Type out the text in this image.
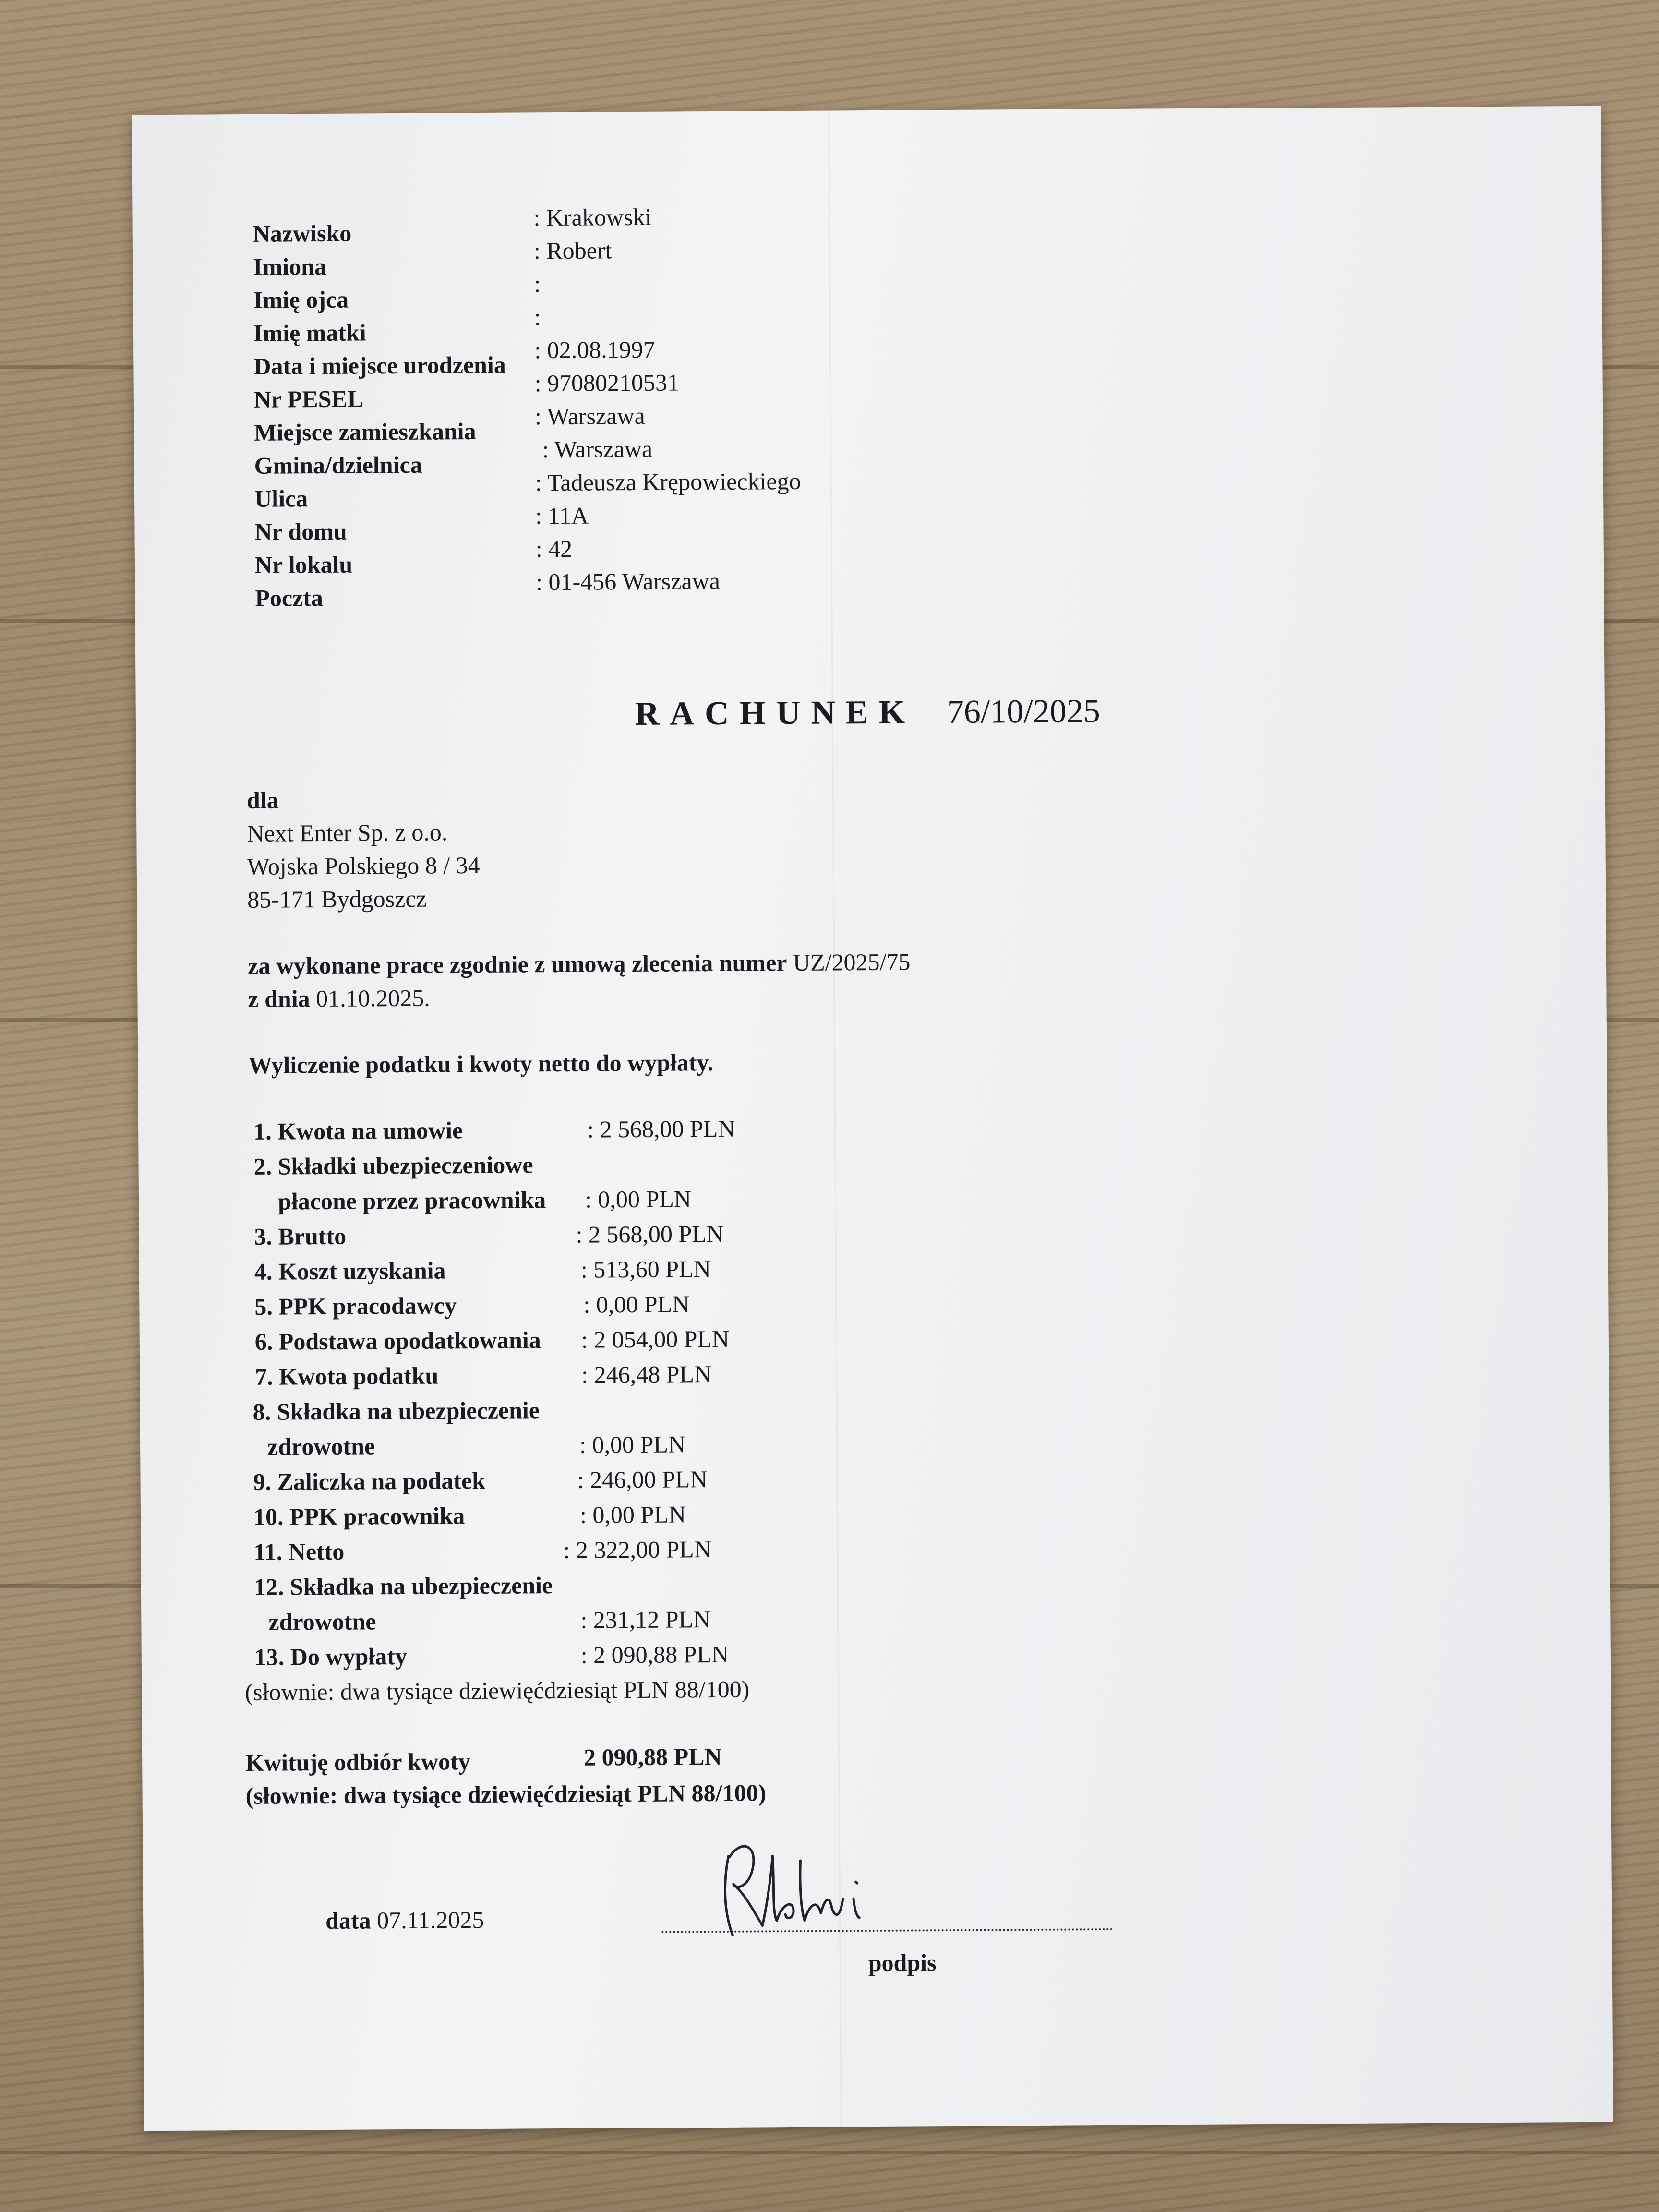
Nazwisko
: Krakowski
Imiona
: Robert
Imię ojca
:
Imię matki
:
Data i miejsce urodzenia
: 02.08.1997
Nr PESEL
: 97080210531
Miejsce zamieszkania
: Warszawa
Gmina/dzielnica
: Warszawa
Ulica
: Tadeusza Krępowieckiego
Nr domu
: 11A
Nr lokalu
: 42
Poczta
: 01-456 Warszawa
RACHUNEK 76/10/2025
dla
Next Enter Sp. z o.o.
Wojska Polskiego 8 / 34
85-171 Bydgoszcz
za wykonane prace zgodnie z umową zlecenia numer UZ/2025/75
z dnia 01.10.2025.
Wyliczenie podatku i kwoty netto do wypłaty.
1. Kwota na umowie	: 2 568,00 PLN
2. Składki ubezpieczeniowe
płacone przez pracownika : 0,00 PLN
3. Brutto	: 2 568,00 PLN
4. Koszt uzyskania	: 513,60 PLN
5. PPK pracodawcy	: 0,00 PLN
6. Podstawa opodatkowania : 2 054,00 PLN
7. Kwota podatku	: 246,48 PLN
8. Składka na ubezpieczenie
zdrowotne	: 0,00 PLN
9. Zaliczka na podatek	: 246,00 PLN
10. PPK pracownika	: 0,00 PLN
11. Netto	: 2 322,00 PLN
12. Składka na ubezpieczenie
zdrowotne	: 231,12 PLN
13. Do wypłaty	: 2 090,88 PLN
(słownie: dwa tysiące dziewięćdziesiąt PLN 88/100)
Kwituję odbiór kwoty	2 090,88 PLN
(słownie: dwa tysiące dziewięćdziesiąt PLN 88/100)
data 07.11.2025
podpis
